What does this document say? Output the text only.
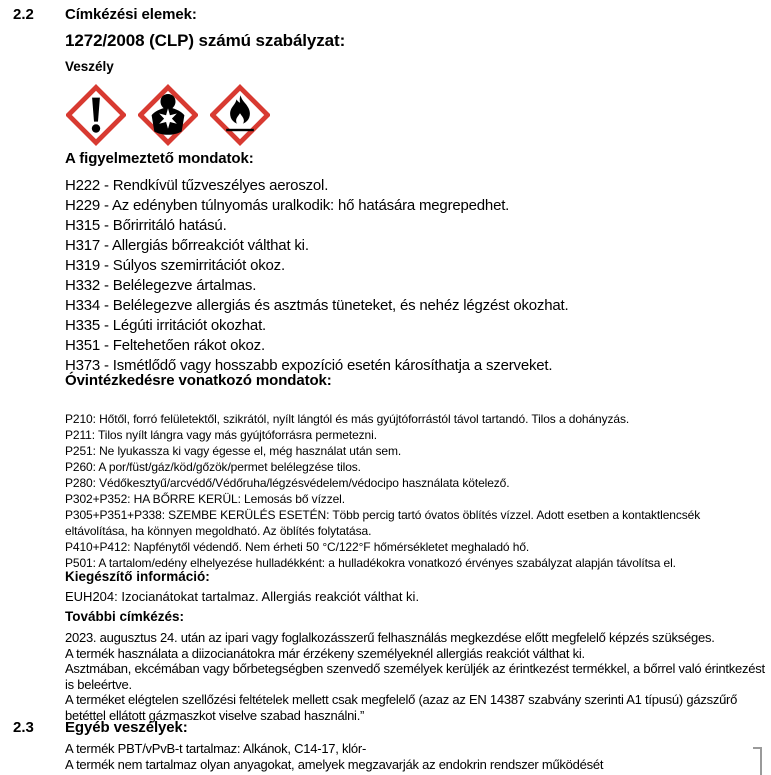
2.2 Címkézési elemek:
1272/2008 (CLP) számú szabályzat:
Veszély
A figyelmeztető mondatok:
H222 - Rendkívül tűzveszélyes aeroszol.
H229 - Az edényben túlnyomás uralkodik: hő hatására megrepedhet.
H315 - Bőrirritáló hatású.
H317 - Allergiás bőrreakciót válthat ki.
H319 - Súlyos szemirritációt okoz.
H332 - Belélegezve ártalmas.
H334 - Belélegezve allergiás és asztmás tüneteket, és nehéz légzést okozhat.
H335 - Légúti irritációt okozhat.
H351 - Feltehetően rákot okoz.
H373 - Ismétlődő vagy hosszabb expozíció esetén károsíthatja a szerveket.
Óvintézkedésre vonatkozó mondatok:
P210: Hőtől, forró felületektől, szikrától, nyílt lángtól és más gyújtóforrástól távol tartandó. Tilos a dohányzás.
P211: Tilos nyílt lángra vagy más gyújtóforrásra permetezni.
P251: Ne lyukassza ki vagy égesse el, még használat után sem.
P260: A por/füst/gáz/köd/gőzök/permet belélegzése tilos.
P280: Védőkesztyű/arcvédő/Védőruha/légzésvédelem/védocipo használata kötelező.
P302+P352: HA BŐRRE KERÜL: Lemosás bő vízzel.
P305+P351+P338: SZEMBE KERÜLÉS ESETÉN: Több percig tartó óvatos öblítés vízzel. Adott esetben a kontaktlencsék eltávolítása, ha könnyen megoldható. Az öblítés folytatása.
P410+P412: Napfénytől védendő. Nem érheti 50 °C/122°F hőmérsékletet meghaladó hő.
P501: A tartalom/edény elhelyezése hulladékként: a hulladékokra vonatkozó érvényes szabályzat alapján távolítsa el.
Kiegészítő információ:
EUH204: Izocianátokat tartalmaz. Allergiás reakciót válthat ki.
További címkézés:
2023. augusztus 24. után az ipari vagy foglalkozásszerű felhasználás megkezdése előtt megfelelő képzés szükséges.
A termék használata a diizocianátokra már érzékeny személyeknél allergiás reakciót válthat ki.
Asztmában, ekcémában vagy bőrbetegségben szenvedő személyek kerüljék az érintkezést termékkel, a bőrrel való érintkezést is beleértve.
A terméket elégtelen szellőzési feltételek mellett csak megfelelő (azaz az EN 14387 szabvány szerinti A1 típusú) gázszűrő betéttel ellátott gázmaszkot viselve szabad használni.”
2.3 Egyéb veszélyek:
A termék PBT/vPvB-t tartalmaz: Alkánok, C14-17, klór-
A termék nem tartalmaz olyan anyagokat, amelyek megzavarják az endokrin rendszer működését
